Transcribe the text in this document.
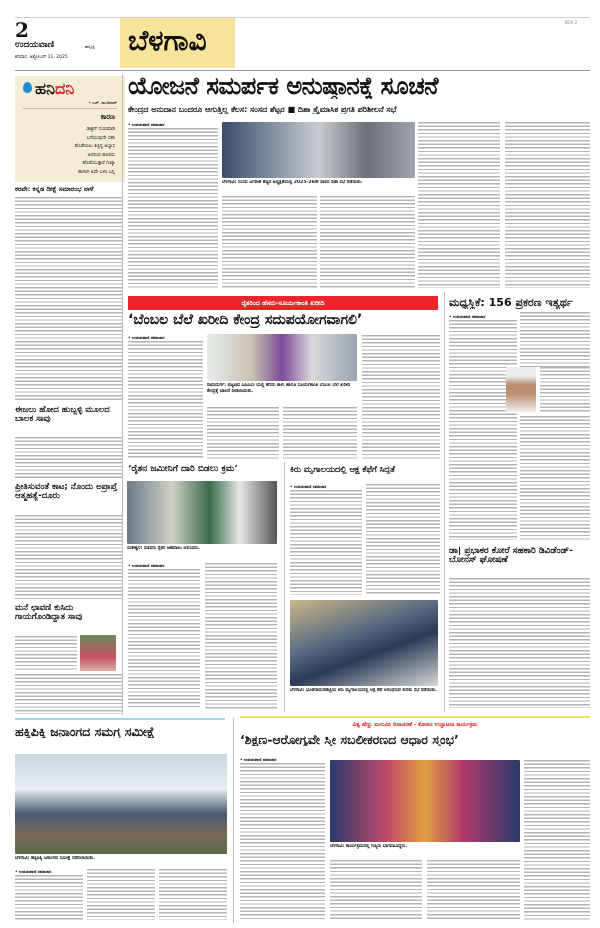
2
ಉದಯವಾಣಿ	ಹುಬ್ಬಳ್ಳಿ
ಶನಿವಾರ, ಅಕ್ಟೋಬರ್ 11, 2025
ಬೆಳಗಾವಿ
BGV 2
ಹನಿದನಿ
• ಎಚ್. ಡುಂಡಿರಾಜ್
ಕಾರಣ
ಡಾಕ್ಟರ್ ದಯಮಾಡಿ
ಬಗೆಯುವುದೇ ದಶಾ
ಹೊಡೆಯಲು ಕಟ್ಟಿದ್ದ ಅಭ್ಯಾಸ
ಅದರಿಂದ ಹಲವರು
ಹೊಡೆಯುತ್ತಾರೆ ಗುಟ್ಕಾ
ಹಾಗಾಗಿ ಅದೇ ಬಳಸಿ ಬನ್ನಿ
ಕರವೇ: ಕನ್ನಡ ದೀಕ್ಷೆ ಸಮಾರಂಭ ನಾಳೆ
ಈಜಲು ಹೋದ ಹುಬ್ಬಳ್ಳಿ ಮೂಲದ ಬಾಲಕ ಸಾವು
ಪ್ರೀತಿಸುವಂತೆ ಕಾಟ; ನೊಂದು ಅಪ್ರಾಪ್ತೆ ಆತ್ಮಹತ್ಯೆ-ದೂರು
ಮನೆ ಛಾವಣಿ ಕುಸಿದು ಗಾಯಗೊಂಡಿದ್ದಾತ ಸಾವು
ಯೋಜನೆ ಸಮರ್ಪಕ ಅನುಷ್ಠಾನಕ್ಕೆ ಸೂಚನೆ
ಕೇಂದ್ರದ ಅನುದಾನ ಬಂದರೂ ಆಗುತ್ತಿಲ್ಲ ಕೆಲಸ: ಸಂಸದ ಶೆಟ್ಟರ ■ ದಿಶಾ ತ್ರೈಮಾಸಿಕ ಪ್ರಗತಿ ಪರಿಶೀಲನೆ ಸಭೆ
• ಉದಯವಾಣಿ ಸಮಾಚಾರ
ಬೆಳಗಾವಿ: ಸಂಸದ ಜಗದೀಶ ಶೆಟ್ಟರ ಅಧ್ಯಕ್ಷತೆಯಲ್ಲಿ 2025-26ನೇ ಸಾಲಿನ ದಿಶಾ ಸಭೆ ನಡೆಯಿತು.
ರೈತರಿಂದ ಹೆಸರು-ಸೂರ್ಯಕಾಂತಿ ಖರೀದಿ
‘ಬೆಂಬಲ ಬೆಲೆ ಖರೀದಿ ಕೇಂದ್ರ ಸದುಪಯೋಗವಾಗಲಿ’
• ಉದಯವಾಣಿ ಸಮಾಚಾರ
ರಾಮದುರ್ಗ: ಪಟ್ಟಣದ ಎಪಿಎಂಸಿ ಯಲ್ಲಿ ಹೆಸರು ಕಾಳು ಹಾಗೂ ಸೂರ್ಯಕಾಂತಿ ಬೆಂಬಲ ಬೆಲೆ ಖರೀದಿ ಕೇಂದ್ರಕ್ಕೆ ಚಾಲನೆ ನೀಡಲಾಯಿತು.
ಮಧ್ಯಸ್ಥಿಕೆ: 156 ಪ್ರಕರಣ ಇತ್ಯರ್ಥ
• ಉದಯವಾಣಿ ಸಮಾಚಾರ
‘ರೈತನ ಜಮೀನಿಗೆ ದಾರಿ ಬಿಡಲು ಕ್ರಮ’
ಸಂಕೇಶ್ವರ: ಸಚಿವರು ರೈತರ ಅಹವಾಲು ಆಲಿಸಿದರು.
• ಉದಯವಾಣಿ ಸಮಾಚಾರ
ಕಿರು ಮೃಗಾಲಯದಲ್ಲಿ ಆಕ್ಷ ಕೆಫೆಗೆ ಸಿದ್ಧತೆ
• ಉದಯವಾಣಿ ಸಮಾಚಾರ
ಬೆಳಗಾವಿ: ಭೂತರಾಮನಹಟ್ಟಿಯ ಕಿರು ಮೃಗಾಲಯದಲ್ಲಿ ಆಕ್ಷ ಕೆಫೆ ಆರಂಭಿಸುವ ಕುರಿತು ಸಭೆ ನಡೆಯಿತು.
ಡಾ| ಪ್ರಭಾಕರ ಕೋರೆ ಸಹಕಾರಿ ಡಿವಿಡೆಂಡ್-ಬೋನಸ್ ಘೋಷಣೆ
ಹಕ್ಕಿಪಿಕ್ಕಿ ಜನಾಂಗದ ಸಮಗ್ರ ಸಮೀಕ್ಷೆ
ಬೆಳಗಾವಿ: ಹಕ್ಕಿಪಿಕ್ಕಿ ಜನಾಂಗದ ಸಮೀಕ್ಷೆ ನಡೆಸಲಾಯಿತು.
• ಉದಯವಾಣಿ ಸಮಾಚಾರ
ವಿಶ್ವ ಹೆಣ್ಣು ಮಗುವಿನ ದಿನಾಚರಣೆ - ಕೋಶದ ಉದ್ಘಾಟನಾ ಕಾರ್ಯಕ್ರಮ
‘ಶಿಕ್ಷಣ-ಆರೋಗ್ಯವೇ ಸ್ತ್ರೀ ಸಬಲೀಕರಣದ ಆಧಾರ ಸ್ತಂಭ’
• ಉದಯವಾಣಿ ಸಮಾಚಾರ
ಬೆಳಗಾವಿ: ಕಾರ್ಯಕ್ರಮದಲ್ಲಿ ಗಣ್ಯರು ಭಾಗವಹಿಸಿದ್ದರು.
